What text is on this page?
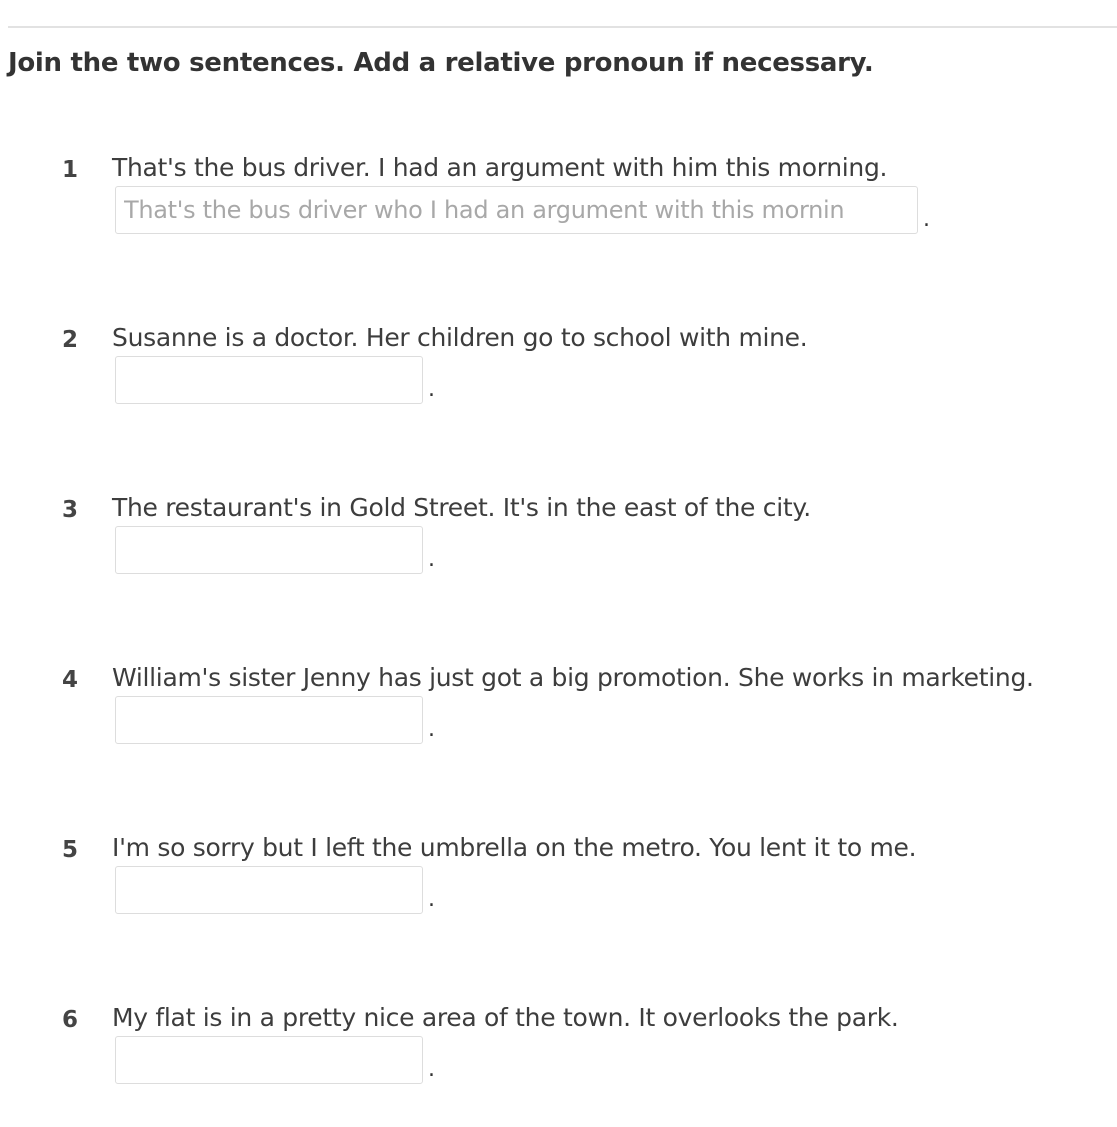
Join the two sentences. Add a relative pronoun if necessary.
1 That's the bus driver. I had an argument with him this morning.
That's the bus driver who I had an argument with this mornin
.
2 Susanne is a doctor. Her children go to school with mine.
.
3 The restaurant's in Gold Street. It's in the east of the city.
.
4 William's sister Jenny has just got a big promotion. She works in marketing.
.
5 I'm so sorry but I left the umbrella on the metro. You lent it to me.
.
6 My flat is in a pretty nice area of the town. It overlooks the park.
.
